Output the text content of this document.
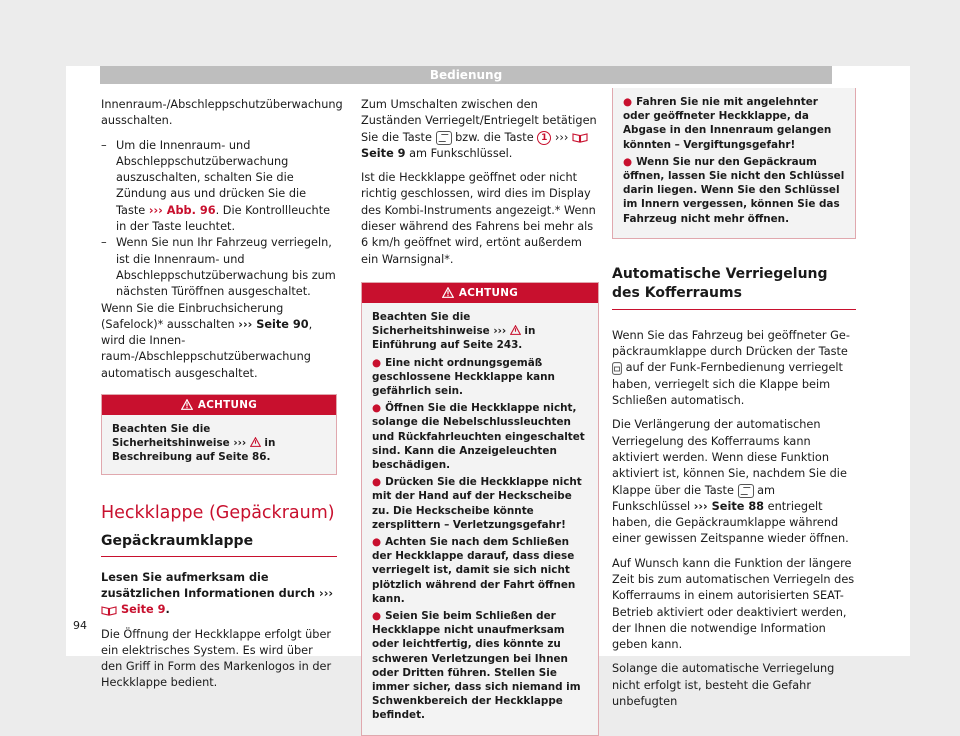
Bedienung

Innenraum-/Abschleppschutzüberwachung ausschalten.

– Um die Innenraum- und Abschleppschutzüberwachung auszuschalten, schalten Sie die Zündung aus und drücken Sie die Taste ››› Abb. 96. Die Kontrollleuchte in der Taste leuchtet.

– Wenn Sie nun Ihr Fahrzeug verriegeln, ist die Innenraum- und Abschleppschutzüberwachung bis zum nächsten Türöffnen ausgeschaltet.

Wenn Sie die Einbruchsicherung (Safelock)* ausschalten ››› Seite 90, wird die Innenraum-/Abschleppschutzüberwachung automatisch ausgeschaltet.

ACHTUNG
Beachten Sie die Sicherheitshinweise ›››  in Beschreibung auf Seite 86.
Heckklappe (Gepäckraum)
Gepäckraumklappe

Lesen Sie aufmerksam die zusätzlichen Informationen durch ›››  Seite 9.

Die Öffnung der Heckklappe erfolgt über ein elektrisches System. Es wird über den Griff in Form des Markenlogos in der Heckklappe bedient.

Zum Umschalten zwischen den Zuständen Verriegelt/Entriegelt betätigen Sie die Taste  bzw. die Taste 1 ›››  Seite 9 am Funkschlüssel.

Ist die Heckklappe geöffnet oder nicht richtig geschlossen, wird dies im Display des Kombi-Instruments angezeigt.* Wenn dieser während des Fahrens bei mehr als 6 km/h geöffnet wird, ertönt außerdem ein Warnsignal*.

ACHTUNG

Beachten Sie die Sicherheitshinweise ›››  in Einführung auf Seite 243.

● Eine nicht ordnungsgemäß geschlossene Heckklappe kann gefährlich sein.

● Öffnen Sie die Heckklappe nicht, solange die Nebelschlussleuchten und Rückfahrleuchten eingeschaltet sind. Kann die Anzeigeleuchten beschädigen.

● Drücken Sie die Heckklappe nicht mit der Hand auf der Heckscheibe zu. Die Heckscheibe könnte zersplittern – Verletzungsgefahr!

● Achten Sie nach dem Schließen der Heckklappe darauf, dass diese verriegelt ist, damit sie sich nicht plötzlich während der Fahrt öffnen kann.

● Seien Sie beim Schließen der Heckklappe nicht unaufmerksam oder leichtfertig, dies könnte zu schweren Verletzungen bei Ihnen oder Dritten führen. Stellen Sie immer sicher, dass sich niemand im Schwenkbereich der Heckklappe befindet.

● Fahren Sie nie mit angelehnter oder geöffneter Heckklappe, da Abgase in den Innenraum gelangen könnten – Vergiftungsgefahr!

● Wenn Sie nur den Gepäckraum öffnen, lassen Sie nicht den Schlüssel darin liegen. Wenn Sie den Schlüssel im Innern vergessen, können Sie das Fahrzeug nicht mehr öffnen.

Automatische Verriegelung des Kofferraums

Wenn Sie das Fahrzeug bei geöffneter Gepäckraumklappe durch Drücken der Taste  auf der Funk-Fernbedienung verriegelt haben, verriegelt sich die Klappe beim Schließen automatisch.

Die Verlängerung der automatischen Verriegelung des Kofferraums kann aktiviert werden. Wenn diese Funktion aktiviert ist, können Sie, nachdem Sie die Klappe über die Taste  am Funkschlüssel ››› Seite 88 entriegelt haben, die Gepäckraumklappe während einer gewissen Zeitspanne wieder öffnen.

Auf Wunsch kann die Funktion der längere Zeit bis zum automatischen Verriegeln des Kofferraums in einem autorisierten SEAT-Betrieb aktiviert oder deaktiviert werden, der Ihnen die notwendige Information geben kann.

Solange die automatische Verriegelung nicht erfolgt ist, besteht die Gefahr unbefugten

94
